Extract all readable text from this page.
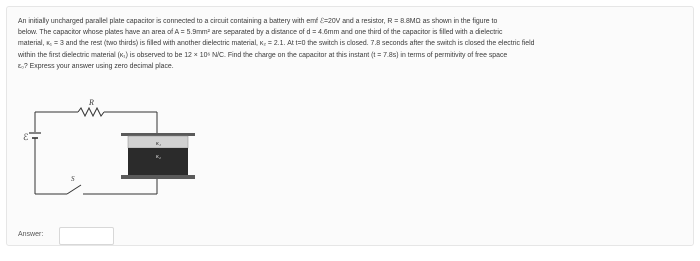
An initially uncharged parallel plate capacitor is connected to a circuit containing a battery with emf ℰ=20V and a resistor, R = 8.8MΩ as shown in the figure to

below. The capacitor whose plates have an area of A = 5.9mm² are separated by a distance of d = 4.6mm and one third of the capacitor is filled with a dielectric

material, κ₁ = 3 and the rest (two thirds) is filled with another dielectric material, κ₂ = 2.1. At t=0 the switch is closed. 7.8 seconds after the switch is closed the electric field

within the first dielectric material (κ₁) is observed to be 12 × 10⁶ N/C. Find the charge on the capacitor at this instant (t = 7.8s) in terms of permitivity of free space

ε₀? Express your answer using zero decimal place.

R
ℰ
S
κ₁
κ₂
Answer:
